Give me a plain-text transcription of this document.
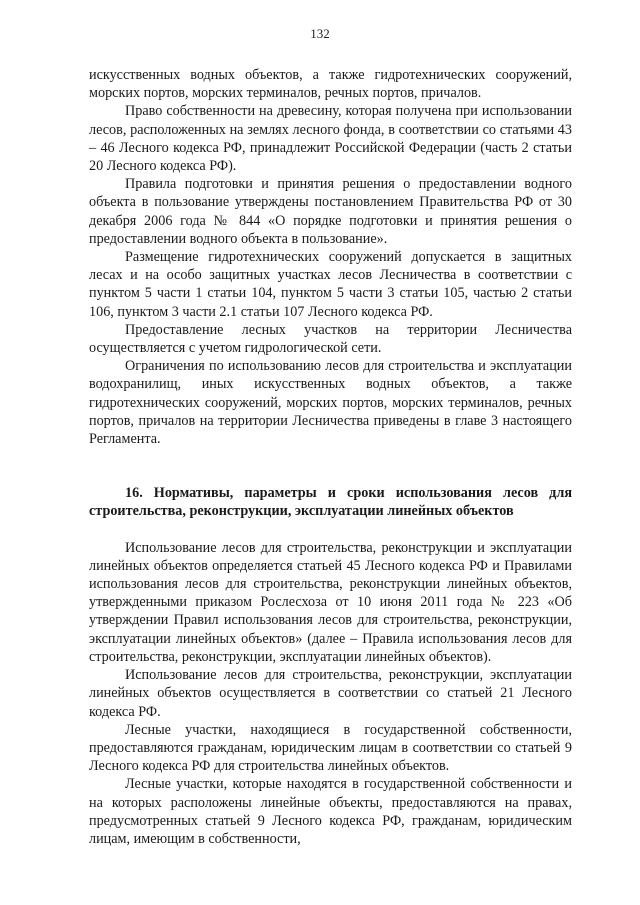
132

искусственных водных объектов, а также гидротехнических сооружений, морских портов, морских терминалов, речных портов, причалов.

Право собственности на древесину, которая получена при использовании лесов, расположенных на землях лесного фонда, в соответствии со статьями 43 – 46 Лесного кодекса РФ, принадлежит Российской Федерации (часть 2 статьи 20 Лесного кодекса РФ).

Правила подготовки и принятия решения о предоставлении водного объекта в пользование утверждены постановлением Правительства РФ от 30 декабря 2006 года № 844 «О порядке подготовки и принятия решения о предоставлении водного объекта в пользование».

Размещение гидротехнических сооружений допускается в защитных лесах и на особо защитных участках лесов Лесничества в соответствии с пунктом 5 части 1 статьи 104, пунктом 5 части 3 статьи 105, частью 2 статьи 106, пунктом 3 части 2.1 статьи 107 Лесного кодекса РФ.

Предоставление лесных участков на территории Лесничества осуществляется с учетом гидрологической сети.

Ограничения по использованию лесов для строительства и эксплуатации водохранилищ, иных искусственных водных объектов, а также гидротехнических сооружений, морских портов, морских терминалов, речных портов, причалов на территории Лесничества приведены в главе 3 настоящего Регламента.

16. Нормативы, параметры и сроки использования лесов для строительства, реконструкции, эксплуатации линейных объектов

Использование лесов для строительства, реконструкции и эксплуатации линейных объектов определяется статьей 45 Лесного кодекса РФ и Правилами использования лесов для строительства, реконструкции линейных объектов, утвержденными приказом Рослесхоза от 10 июня 2011 года № 223 «Об утверждении Правил использования лесов для строительства, реконструкции, эксплуатации линейных объектов» (далее – Правила использования лесов для строительства, реконструкции, эксплуатации линейных объектов).

Использование лесов для строительства, реконструкции, эксплуатации линейных объектов осуществляется в соответствии со статьей 21 Лесного кодекса РФ.

Лесные участки, находящиеся в государственной собственности, предоставляются гражданам, юридическим лицам в соответствии со статьей 9 Лесного кодекса РФ для строительства линейных объектов.

Лесные участки, которые находятся в государственной собственности и на которых расположены линейные объекты, предоставляются на правах, предусмотренных статьей 9 Лесного кодекса РФ, гражданам, юридическим лицам, имеющим в собственности,
